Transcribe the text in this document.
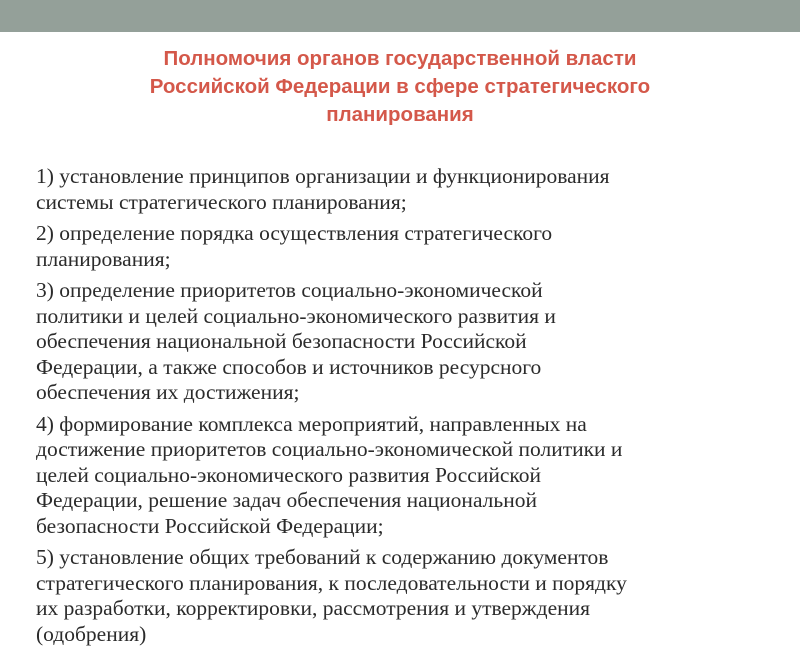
Полномочия органов государственной власти
Российской Федерации в сфере стратегического
планирования
1) установление принципов организации и функционирования
системы стратегического планирования;
2) определение порядка осуществления стратегического
планирования;
3) определение приоритетов социально-экономической
политики и целей социально-экономического развития и
обеспечения национальной безопасности Российской
Федерации, а также способов и источников ресурсного
обеспечения их достижения;
4) формирование комплекса мероприятий, направленных на
достижение приоритетов социально-экономической политики и
целей социально-экономического развития Российской
Федерации, решение задач обеспечения национальной
безопасности Российской Федерации;
5) установление общих требований к содержанию документов
стратегического планирования, к последовательности и порядку
их разработки, корректировки, рассмотрения и утверждения
(одобрения)
